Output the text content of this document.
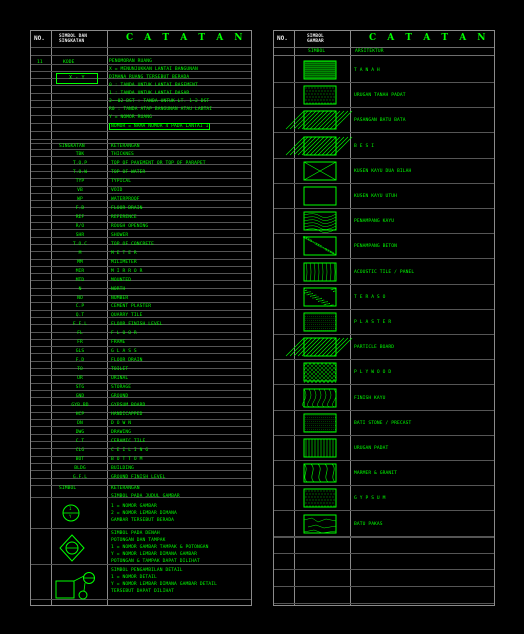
NO.	SIMBOL DAN
SINGKATAN	C A T A T A N
11	KODE
X - Y
PENOMORAN RUANG
X = MENUNJUKKAN LANTAI BANGUNAN
DIMANA RUANG TERSEBUT BERADA
0 : TANDA UNTUK LANTAI BASEMENT
1 : TANDA UNTUK LANTAI DASAR
2~-02 DST : TANDA UNTUK LT. 1~2 DST
R0 : TANDA ATAP BANGUNAN ATAU LABTAI
Y = NOMOR RUANG
NOMOR = NAMA NOMOR 4 PADA LANTAI 1
SINGKATAN	KETERANGAN
TBK	THICKNES
T.O.P	TOP OF PAVEMENT OR TOP OF PARAPET
T.O.W	TOP OF WATER
TYP	TYPICAL
VB	VOID
WP	WATERPROOF
F.D	FLOOR DRAIN
REF	REFERENCE
R/O	ROUGH OPENING
SHR	SHOWER
T.O.C	TOP OF CONCRETE
M	M E T E R
MM	MILIMETER
MIR	M I R R O R
MTD	MOUNTED
N	NORTH
NO	NUMBER
C.P	CEMENT PLASTER
Q.T	QUARRY TILE
F.F.L	FLOOR FINISH LEVEL
FL	F L O O R
FR	FRAME
GLS	G L A S S
F.D	FLOOR DRAIN
TO	TOILET
UR	URINAL
STG	STORAGE
GND	GROUND
GYB.BD	GYPSUM BOARD
HCP	HANDICAPPED
DN	D O W N
DWG	DRAWING
C.T	CERAMIC TILE
CLG	C E I L I N G
BOT	B O T T O M
BLDG	BUILDING
G.F.L	GROUND FINISH LEVEL
SIMBOL	KETERANGAN
SIMBOL PADA JUDUL GAMBAR
1 = NOMOR GAMBAR
2 = NOMOR LEMBAR DIMANA
GAMBAR TERSEBUT BERADA
SIMBOL PADA DENAH
POTONGAN DAN TAMPAK
1 = NOMOR GAMBAR TAMPAK & POTONGAN
Y = NOMOR LEMBAR DIMANA GAMBAR
POTONGAN & TAMPAK DAPAT DILIHAT
SIMBOL PENGAMBILAN DETAIL
1 = NOMOR DETAIL
Y = NOMOR LEMBAR DIMANA GAMBAR DETAIL
TERSEBUT DAPAT DILIHAT
1
Y
NO.	SIMBOL
GAMBAR	C A T A T A N
SIMBOL	ARSITEKTUR
T A N A H
URUGAN TANAH PADAT
PASANGAN BATU BATA
B E S I
KUSEN KAYU DUA BILAH
KUSEN KAYU UTUH
PENAMPANG KAYU
PENAMPANG BETON
ACOUSTIC TILE / PANEL
T E R A S O
P L A S T E R
PARTICLE BOARD
P L Y W O O D
FINISH KAYU
BATI STONE / PRECAST
URUGAN PADAT
MARMER & GRANIT
G Y P S U M
BATU PAKAS
